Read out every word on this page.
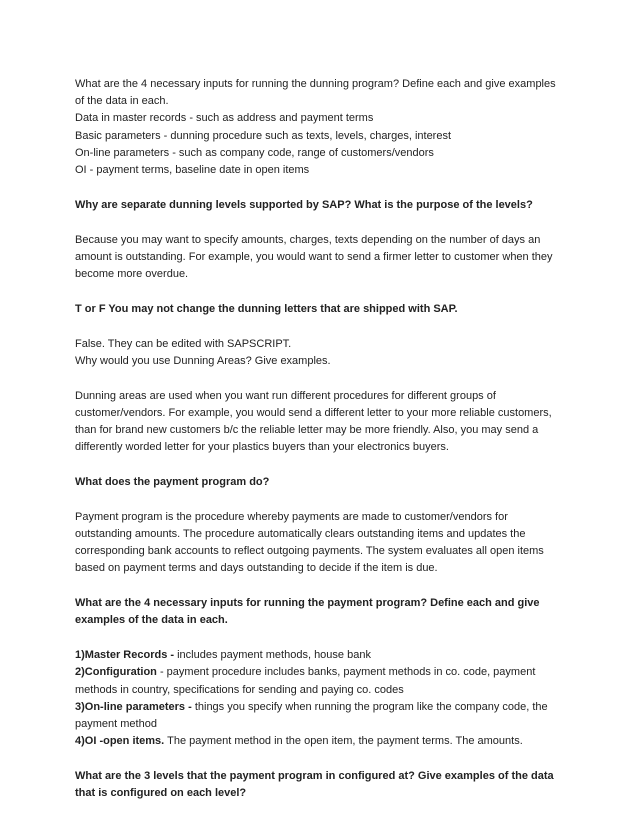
What are the 4 necessary inputs for running the dunning program? Define each and give examples
of the data in each.
Data in master records - such as address and payment terms
Basic parameters - dunning procedure such as texts, levels, charges, interest
On-line parameters - such as company code, range of customers/vendors
OI - payment terms, baseline date in open items
Why are separate dunning levels supported by SAP? What is the purpose of the levels?
Because you may want to specify amounts, charges, texts depending on the number of days an
amount is outstanding. For example, you would want to send a firmer letter to customer when they
become more overdue.
T or F You may not change the dunning letters that are shipped with SAP.
False. They can be edited with SAPSCRIPT.
Why would you use Dunning Areas? Give examples.
Dunning areas are used when you want run different procedures for different groups of
customer/vendors. For example, you would send a different letter to your more reliable customers,
than for brand new customers b/c the reliable letter may be more friendly. Also, you may send a
differently worded letter for your plastics buyers than your electronics buyers.
What does the payment program do?
Payment program is the procedure whereby payments are made to customer/vendors for
outstanding amounts. The procedure automatically clears outstanding items and updates the
corresponding bank accounts to reflect outgoing payments. The system evaluates all open items
based on payment terms and days outstanding to decide if the item is due.
What are the 4 necessary inputs for running the payment program? Define each and give
examples of the data in each.
1)Master Records - includes payment methods, house bank
2)Configuration - payment procedure includes banks, payment methods in co. code, payment
methods in country, specifications for sending and paying co. codes
3)On-line parameters - things you specify when running the program like the company code, the
payment method
4)OI -open items. The payment method in the open item, the payment terms. The amounts.
What are the 3 levels that the payment program in configured at? Give examples of the data
that is configured on each level?
